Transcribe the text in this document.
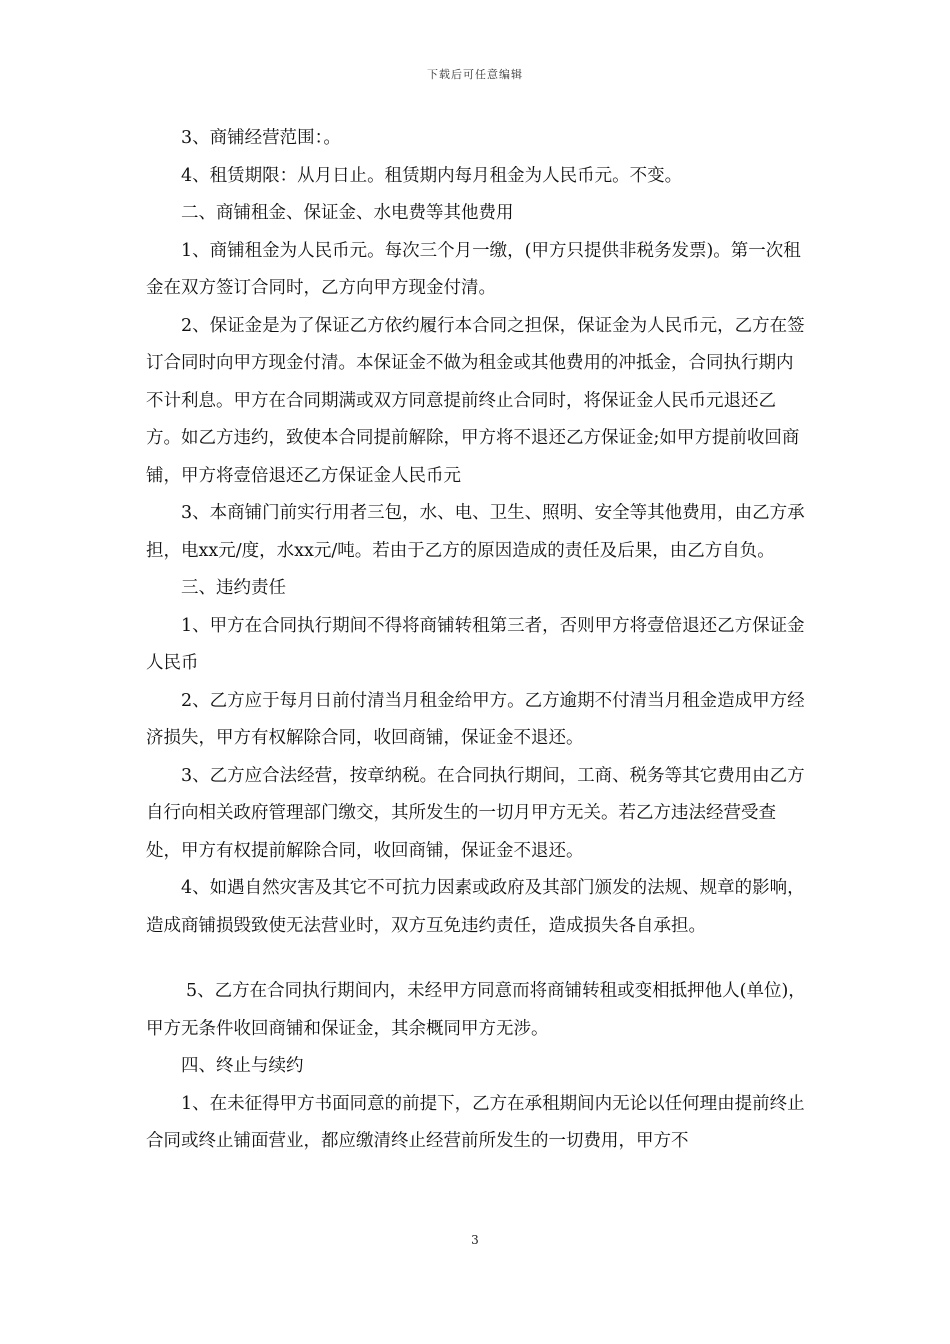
下载后可任意编辑

3、商铺经营范围：。

4、租赁期限：从月日止。租赁期内每月租金为人民币元。不变。

二、商铺租金、保证金、水电费等其他费用

1、商铺租金为人民币元。每次三个月一缴，(甲方只提供非税务发票)。第一次租金在双方签订合同时，乙方向甲方现金付清。

2、保证金是为了保证乙方依约履行本合同之担保，保证金为人民币元，乙方在签订合同时向甲方现金付清。本保证金不做为租金或其他费用的冲抵金，合同执行期内不计利息。甲方在合同期满或双方同意提前终止合同时，将保证金人民币元退还乙方。如乙方违约，致使本合同提前解除，甲方将不退还乙方保证金;如甲方提前收回商铺，甲方将壹倍退还乙方保证金人民币元

3、本商铺门前实行用者三包，水、电、卫生、照明、安全等其他费用，由乙方承担，电xx元/度，水xx元/吨。若由于乙方的原因造成的责任及后果，由乙方自负。

三、违约责任

1、甲方在合同执行期间不得将商铺转租第三者，否则甲方将壹倍退还乙方保证金人民币

2、乙方应于每月日前付清当月租金给甲方。乙方逾期不付清当月租金造成甲方经济损失，甲方有权解除合同，收回商铺，保证金不退还。

3、乙方应合法经营，按章纳税。在合同执行期间，工商、税务等其它费用由乙方自行向相关政府管理部门缴交，其所发生的一切月甲方无关。若乙方违法经营受查处，甲方有权提前解除合同，收回商铺，保证金不退还。

4、如遇自然灾害及其它不可抗力因素或政府及其部门颁发的法规、规章的影响，造成商铺损毁致使无法营业时，双方互免违约责任，造成损失各自承担。

5、乙方在合同执行期间内，未经甲方同意而将商铺转租或变相抵押他人(单位)，甲方无条件收回商铺和保证金，其余概同甲方无涉。

四、终止与续约

1、在未征得甲方书面同意的前提下，乙方在承租期间内无论以任何理由提前终止合同或终止铺面营业，都应缴清终止经营前所发生的一切费用，甲方不

3
